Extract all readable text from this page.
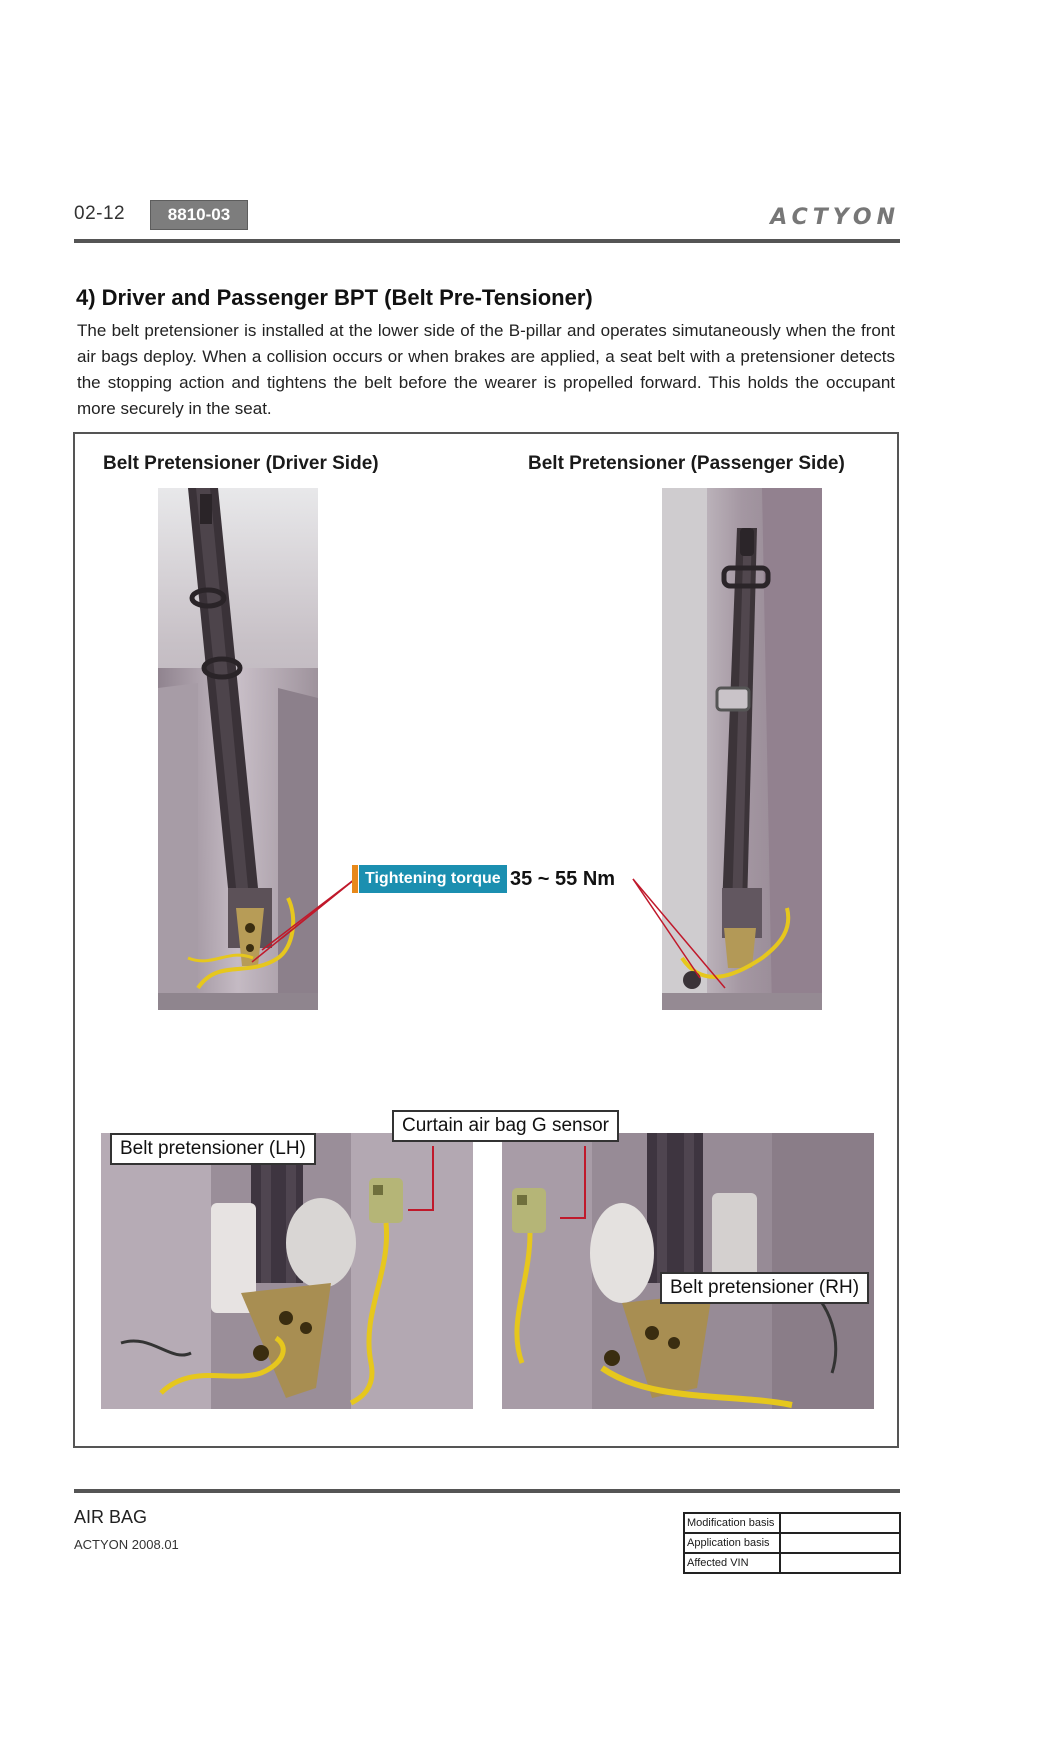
02-12	8810-03	ACTYON
4) Driver and Passenger BPT (Belt Pre-Tensioner)
The belt pretensioner is installed at the lower side of the B-pillar and operates simutaneously when the front air bags deploy. When a collision occurs or when brakes are applied, a seat belt with a pretensioner detects the stopping action and tightens the belt before the wearer is propelled forward. This holds the occupant more securely in the seat.
Belt Pretensioner (Driver Side)	Belt Pretensioner (Passenger Side)
Tightening torque 35 ~ 55 Nm
Belt pretensioner (LH)
Curtain air bag G sensor
Belt pretensioner (RH)
AIR BAG
ACTYON 2008.01
Modification basis	
Application basis	
Affected VIN	
